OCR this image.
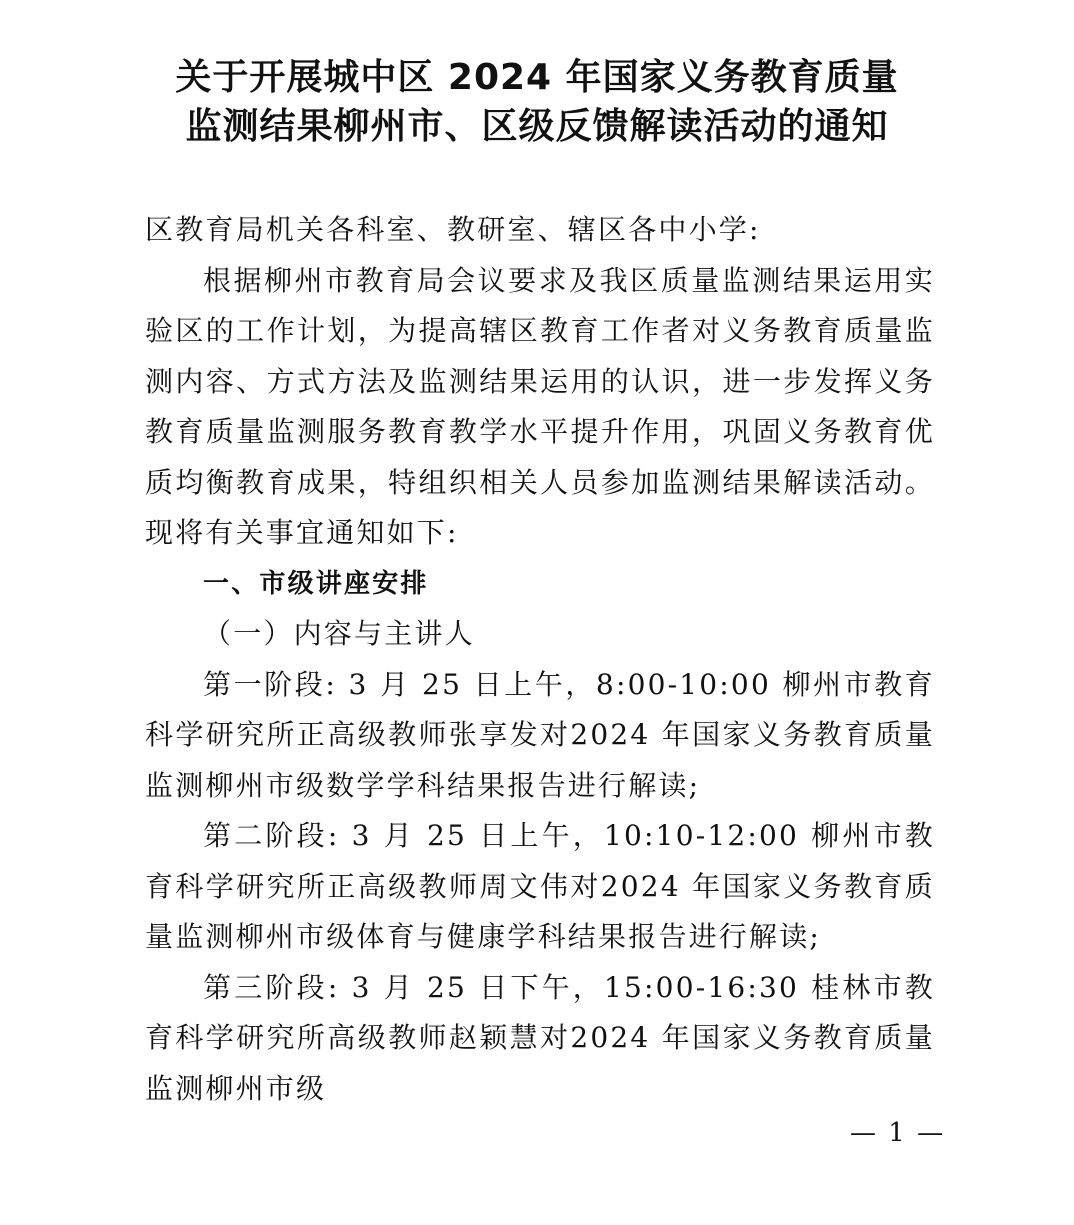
关于开展城中区 2024 年国家义务教育质量
监测结果柳州市、区级反馈解读活动的通知

区教育局机关各科室、教研室、辖区各中小学:

根据柳州市教育局会议要求及我区质量监测结果运用实验区的工作计划，为提高辖区教育工作者对义务教育质量监测内容、方式方法及监测结果运用的认识，进一步发挥义务教育质量监测服务教育教学水平提升作用，巩固义务教育优质均衡教育成果，特组织相关人员参加监测结果解读活动。现将有关事宜通知如下:

一、市级讲座安排

（一）内容与主讲人

第一阶段: 3 月 25 日上午，8:00-10:00 柳州市教育科学研究所正高级教师张享发对2024 年国家义务教育质量监测柳州市级数学学科结果报告进行解读;

第二阶段: 3 月 25 日上午，10:10-12:00 柳州市教育科学研究所正高级教师周文伟对2024 年国家义务教育质量监测柳州市级体育与健康学科结果报告进行解读;

第三阶段: 3 月 25 日下午，15:00-16:30 桂林市教育科学研究所高级教师赵颖慧对2024 年国家义务教育质量监测柳州市级

— 1 —
